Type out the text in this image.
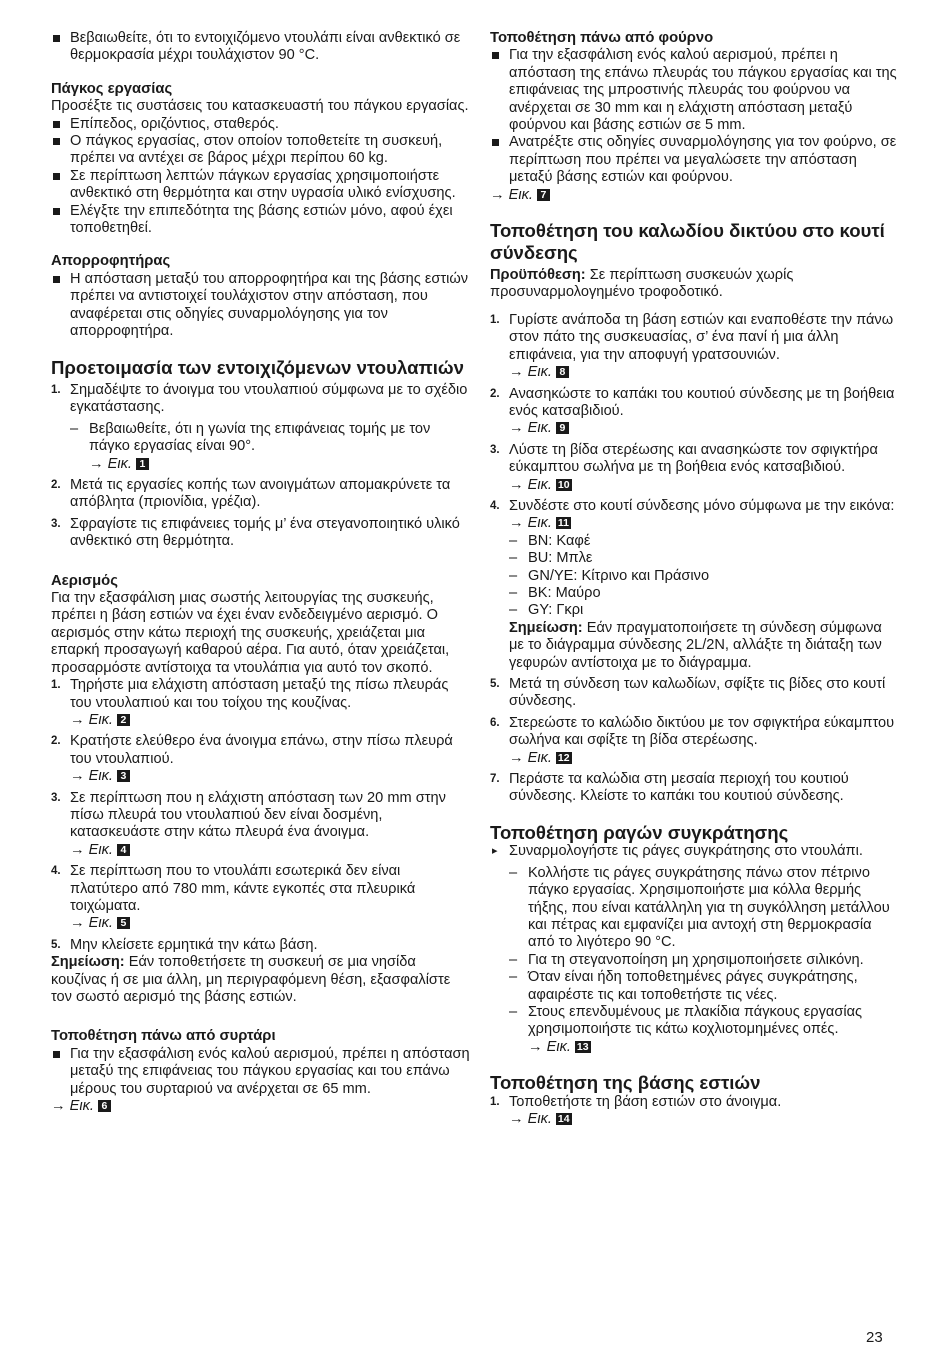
Βεβαιωθείτε, ότι το εντοιχιζόμενο ντουλάπι είναι ανθεκτικό σε θερμοκρασία μέχρι τουλάχιστον 90 °C.

Πάγκος εργασίας

Προσέξτε τις συστάσεις του κατασκευαστή του πάγκου εργασίας.

Επίπεδος, οριζόντιος, σταθερός.

Ο πάγκος εργασίας, στον οποίον τοποθετείτε τη συσκευή, πρέπει να αντέχει σε βάρος μέχρι περίπου 60 kg.

Σε περίπτωση λεπτών πάγκων εργασίας χρησιμοποιήστε ανθεκτικό στη θερμότητα και στην υγρασία υλικό ενίσχυσης.

Ελέγξτε την επιπεδότητα της βάσης εστιών μόνο, αφού έχει τοποθετηθεί.

Απορροφητήρας

Η απόσταση μεταξύ του απορροφητήρα και της βάσης εστιών πρέπει να αντιστοιχεί τουλάχιστον στην απόσταση, που αναφέρεται στις οδηγίες συναρμολόγησης για τον απορροφητήρα.

Προετοιμασία των εντοιχιζόμενων ντουλαπιών

1. Σημαδέψτε το άνοιγμα του ντουλαπιού σύμφωνα με το σχέδιο εγκατάστασης.

– Βεβαιωθείτε, ότι η γωνία της επιφάνειας τομής με τον πάγκο εργασίας είναι 90°.

→ Εικ. 1
2. Μετά τις εργασίες κοπής των ανοιγμάτων απομακρύνετε τα απόβλητα (πριονίδια, γρέζια).
3. Σφραγίστε τις επιφάνειες τομής μ’ ένα στεγανοποιητικό υλικό ανθεκτικό στη θερμότητα.

Αερισμός

Για την εξασφάλιση μιας σωστής λειτουργίας της συσκευής, πρέπει η βάση εστιών να έχει έναν ενδεδειγμένο αερισμό. Ο αερισμός στην κάτω περιοχή της συσκευής, χρειάζεται μια επαρκή προσαγωγή καθαρού αέρα. Για αυτό, όταν χρειάζεται, προσαρμόστε αντίστοιχα τα ντουλάπια για αυτό τον σκοπό.

1. Τηρήστε μια ελάχιστη απόσταση μεταξύ της πίσω πλευράς του ντουλαπιού και του τοίχου της κουζίνας.
→ Εικ. 2
2. Κρατήστε ελεύθερο ένα άνοιγμα επάνω, στην πίσω πλευρά του ντουλαπιού.
→ Εικ. 3
3. Σε περίπτωση που η ελάχιστη απόσταση των 20 mm στην πίσω πλευρά του ντουλαπιού δεν είναι δοσμένη, κατασκευάστε στην κάτω πλευρά ένα άνοιγμα.
→ Εικ. 4
4. Σε περίπτωση που το ντουλάπι εσωτερικά δεν είναι πλατύτερο από 780 mm, κάντε εγκοπές στα πλευρικά τοιχώματα.
→ Εικ. 5
5. Μην κλείσετε ερμητικά την κάτω βάση.

Σημείωση: Εάν τοποθετήσετε τη συσκευή σε μια νησίδα κουζίνας ή σε μια άλλη, μη περιγραφόμενη θέση, εξασφαλίστε τον σωστό αερισμό της βάσης εστιών.

Τοποθέτηση πάνω από συρτάρι

Για την εξασφάλιση ενός καλού αερισμού, πρέπει η απόσταση μεταξύ της επιφάνειας του πάγκου εργασίας και του επάνω μέρους του συρταριού να ανέρχεται σε 65 mm.

→ Εικ. 6

Τοποθέτηση πάνω από φούρνο

Για την εξασφάλιση ενός καλού αερισμού, πρέπει η απόσταση της επάνω πλευράς του πάγκου εργασίας και της επιφάνειας της μπροστινής πλευράς του φούρνου να ανέρχεται σε 30 mm και η ελάχιστη απόσταση μεταξύ φούρνου και βάσης εστιών σε 5 mm.

Ανατρέξτε στις οδηγίες συναρμολόγησης για τον φούρνο, σε περίπτωση που πρέπει να μεγαλώσετε την απόσταση μεταξύ βάσης εστιών και φούρνου.

→ Εικ. 7

Τοποθέτηση του καλωδίου δικτύου στο κουτί σύνδεσης

Προϋπόθεση: Σε περίπτωση συσκευών χωρίς προσυναρμολογημένο τροφοδοτικό.

1. Γυρίστε ανάποδα τη βάση εστιών και εναποθέστε την πάνω στον πάτο της συσκευασίας, σ’ ένα πανί ή μια άλλη επιφάνεια, για την αποφυγή γρατσουνιών.
→ Εικ. 8
2. Ανασηκώστε το καπάκι του κουτιού σύνδεσης με τη βοήθεια ενός κατσαβιδιού.
→ Εικ. 9
3. Λύστε τη βίδα στερέωσης και ανασηκώστε τον σφιγκτήρα εύκαμπτου σωλήνα με τη βοήθεια ενός κατσαβιδιού.
→ Εικ. 10
4. Συνδέστε στο κουτί σύνδεσης μόνο σύμφωνα με την εικόνα:
→ Εικ. 11

– BN: Καφέ

– BU: Μπλε

– GN/YE: Κίτρινο και Πράσινο

– BK: Μαύρο

– GY: Γκρι

Σημείωση: Εάν πραγματοποιήσετε τη σύνδεση σύμφωνα με το διάγραμμα σύνδεσης 2L/2N, αλλάξτε τη διάταξη των γεφυρών αντίστοιχα με το διάγραμμα.

5. Μετά τη σύνδεση των καλωδίων, σφίξτε τις βίδες στο κουτί σύνδεσης.
6. Στερεώστε το καλώδιο δικτύου με τον σφιγκτήρα εύκαμπτου σωλήνα και σφίξτε τη βίδα στερέωσης.
→ Εικ. 12
7. Περάστε τα καλώδια στη μεσαία περιοχή του κουτιού σύνδεσης. Κλείστε το καπάκι του κουτιού σύνδεσης.

Τοποθέτηση ραγών συγκράτησης

▸ Συναρμολογήστε τις ράγες συγκράτησης στο ντουλάπι.

– Κολλήστε τις ράγες συγκράτησης πάνω στον πέτρινο πάγκο εργασίας. Χρησιμοποιήστε μια κόλλα θερμής τήξης, που είναι κατάλληλη για τη συγκόλληση μετάλλου και πέτρας και εμφανίζει μια αντοχή στη θερμοκρασία από το λιγότερο 90 °C.

– Για τη στεγανοποίηση μη χρησιμοποιήσετε σιλικόνη.

– Όταν είναι ήδη τοποθετημένες ράγες συγκράτησης, αφαιρέστε τις και τοποθετήστε τις νέες.

– Στους επενδυμένους με πλακίδια πάγκους εργασίας χρησιμοποιήστε τις κάτω κοχλιοτομημένες οπές.

→ Εικ. 13

Τοποθέτηση της βάσης εστιών

1. Τοποθετήστε τη βάση εστιών στο άνοιγμα.
→ Εικ. 14
23
